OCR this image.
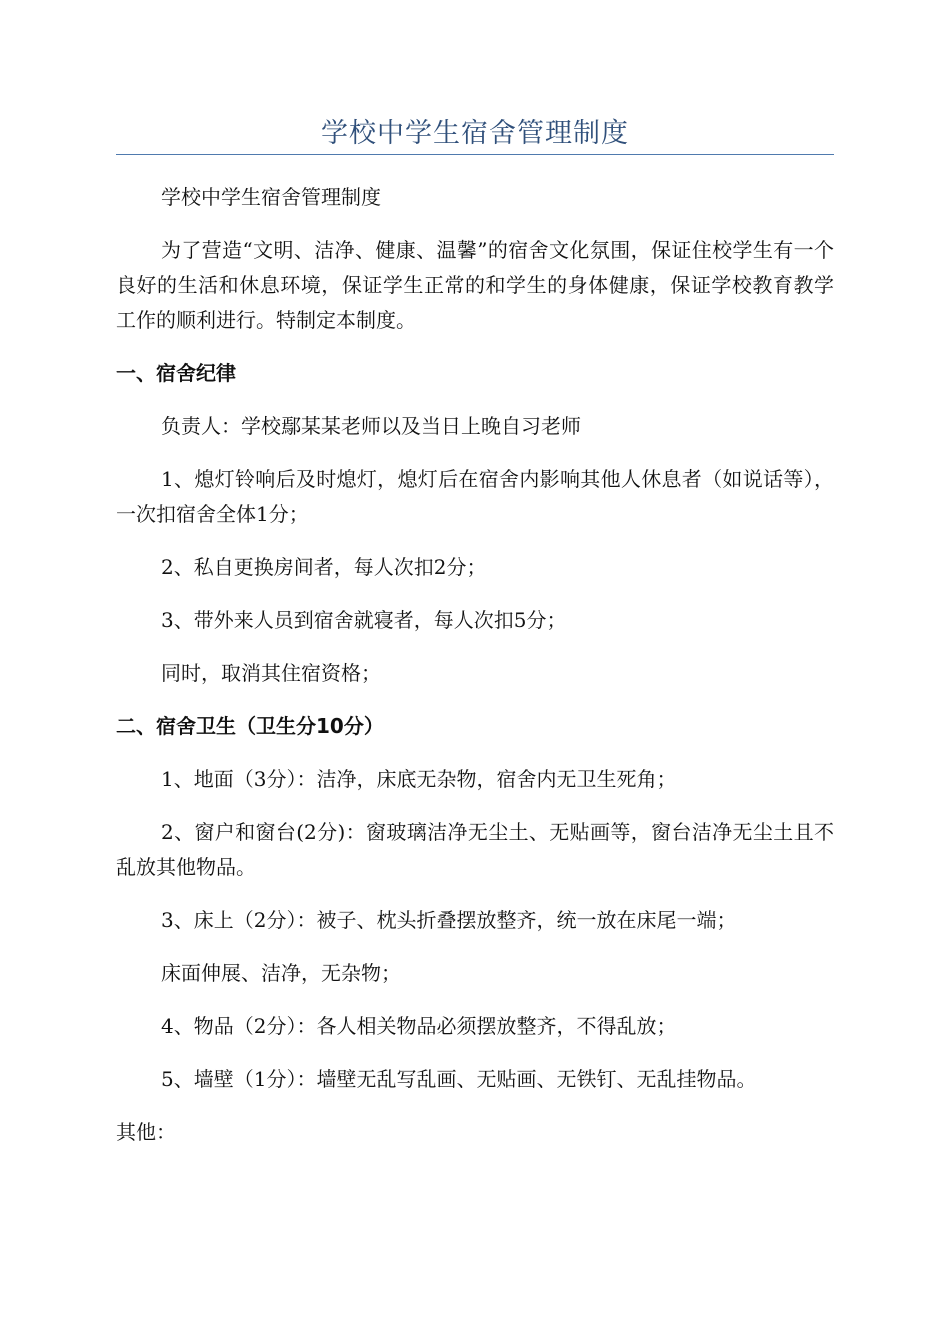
学校中学生宿舍管理制度

学校中学生宿舍管理制度

为了营造“文明、洁净、健康、温馨”的宿舍文化氛围，保证住校学生有一个良好的生活和休息环境，保证学生正常的和学生的身体健康，保证学校教育教学工作的顺利进行。特制定本制度。

一、宿舍纪律

负责人：学校鄢某某老师以及当日上晚自习老师

1、熄灯铃响后及时熄灯，熄灯后在宿舍内影响其他人休息者（如说话等），一次扣宿舍全体1分；

2、私自更换房间者，每人次扣2分；

3、带外来人员到宿舍就寝者，每人次扣5分；

同时，取消其住宿资格；

二、宿舍卫生（卫生分10分）

1、地面（3分）：洁净，床底无杂物，宿舍内无卫生死角；

2、窗户和窗台(2分)：窗玻璃洁净无尘土、无贴画等，窗台洁净无尘土且不乱放其他物品。

3、床上（2分）：被子、枕头折叠摆放整齐，统一放在床尾一端；

床面伸展、洁净，无杂物；

4、物品（2分）：各人相关物品必须摆放整齐，不得乱放；

5、墙壁（1分）：墙壁无乱写乱画、无贴画、无铁钉、无乱挂物品。

其他：
